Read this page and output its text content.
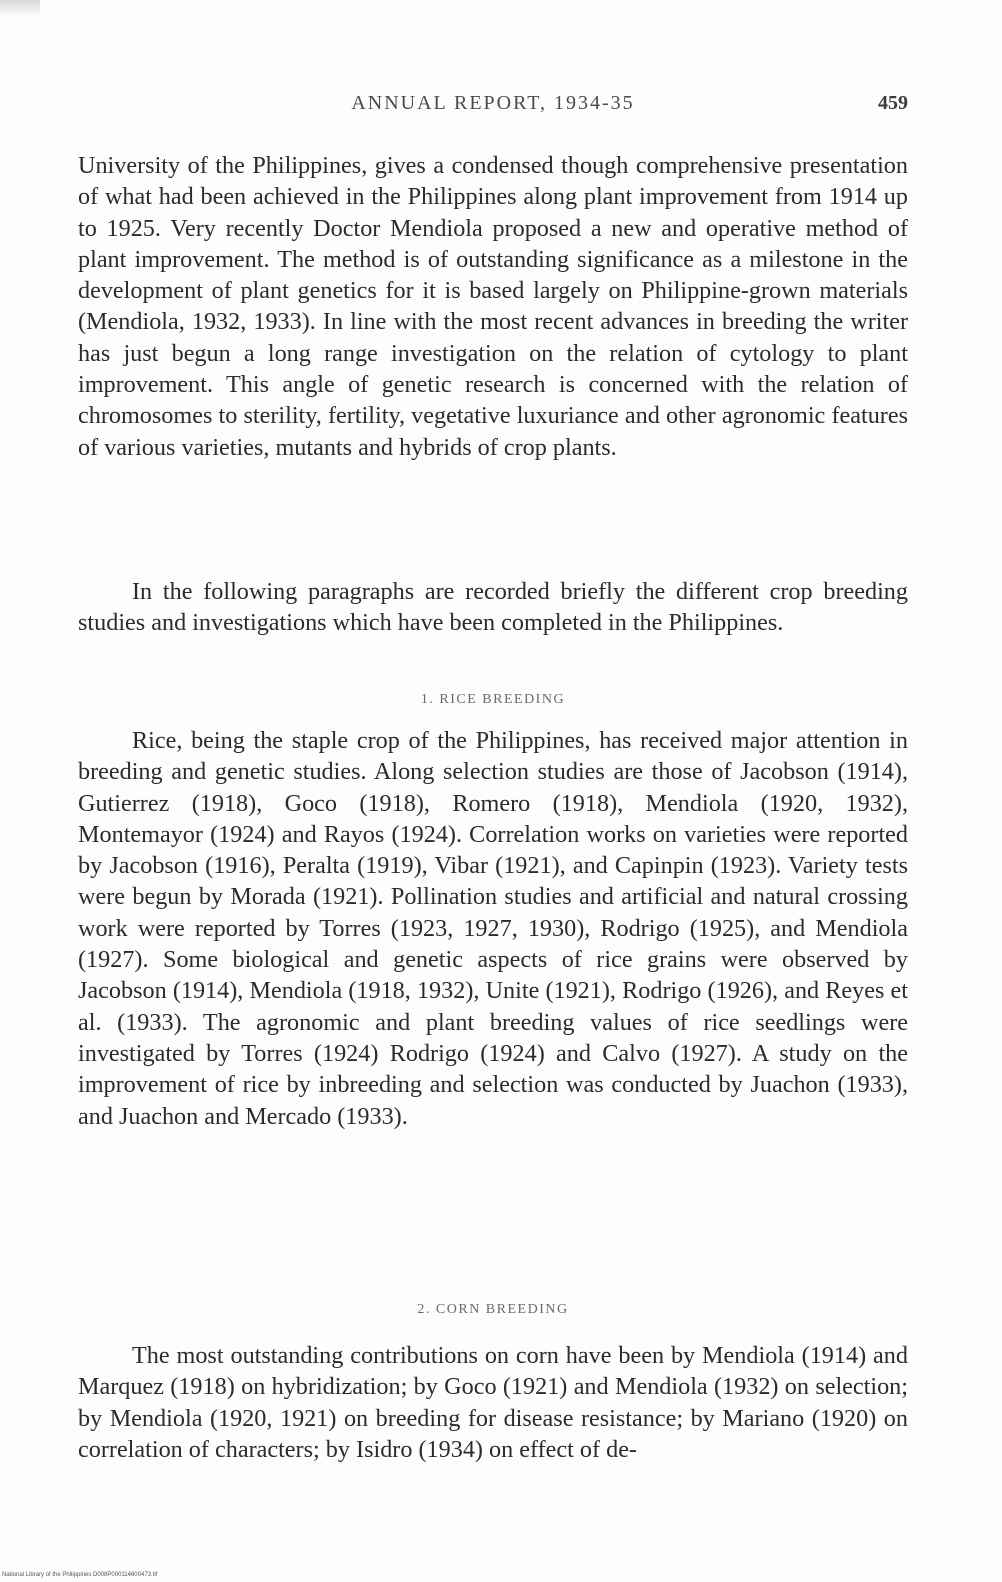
ANNUAL REPORT, 1934-35	459

University of the Philippines, gives a condensed though comprehensive presentation of what had been achieved in the Philippines along plant improvement from 1914 up to 1925. Very recently Doctor Mendiola proposed a new and operative method of plant improvement. The method is of outstanding significance as a milestone in the development of plant genetics for it is based largely on Philippine-grown materials (Mendiola, 1932, 1933). In line with the most recent advances in breeding the writer has just begun a long range investigation on the relation of cytology to plant improvement. This angle of genetic research is concerned with the relation of chromosomes to sterility, fertility, vegetative luxuriance and other agronomic features of various varieties, mutants and hybrids of crop plants.

In the following paragraphs are recorded briefly the different crop breeding studies and investigations which have been completed in the Philippines.

1. RICE BREEDING

Rice, being the staple crop of the Philippines, has received major attention in breeding and genetic studies. Along selection studies are those of Jacobson (1914), Gutierrez (1918), Goco (1918), Romero (1918), Mendiola (1920, 1932), Montemayor (1924) and Rayos (1924). Correlation works on varieties were reported by Jacobson (1916), Peralta (1919), Vibar (1921), and Capinpin (1923). Variety tests were begun by Morada (1921). Pollination studies and artificial and natural crossing work were reported by Torres (1923, 1927, 1930), Rodrigo (1925), and Mendiola (1927). Some biological and genetic aspects of rice grains were observed by Jacobson (1914), Mendiola (1918, 1932), Unite (1921), Rodrigo (1926), and Reyes et al. (1933). The agronomic and plant breeding values of rice seedlings were investigated by Torres (1924) Rodrigo (1924) and Calvo (1927). A study on the improvement of rice by inbreeding and selection was conducted by Juachon (1933), and Juachon and Mercado (1933).

2. CORN BREEDING

The most outstanding contributions on corn have been by Mendiola (1914) and Marquez (1918) on hybridization; by Goco (1921) and Mendiola (1932) on selection; by Mendiola (1920, 1921) on breeding for disease resistance; by Mariano (1920) on correlation of characters; by Isidro (1934) on effect of de-

National Library of the Philippines D008P000114600473.tif
